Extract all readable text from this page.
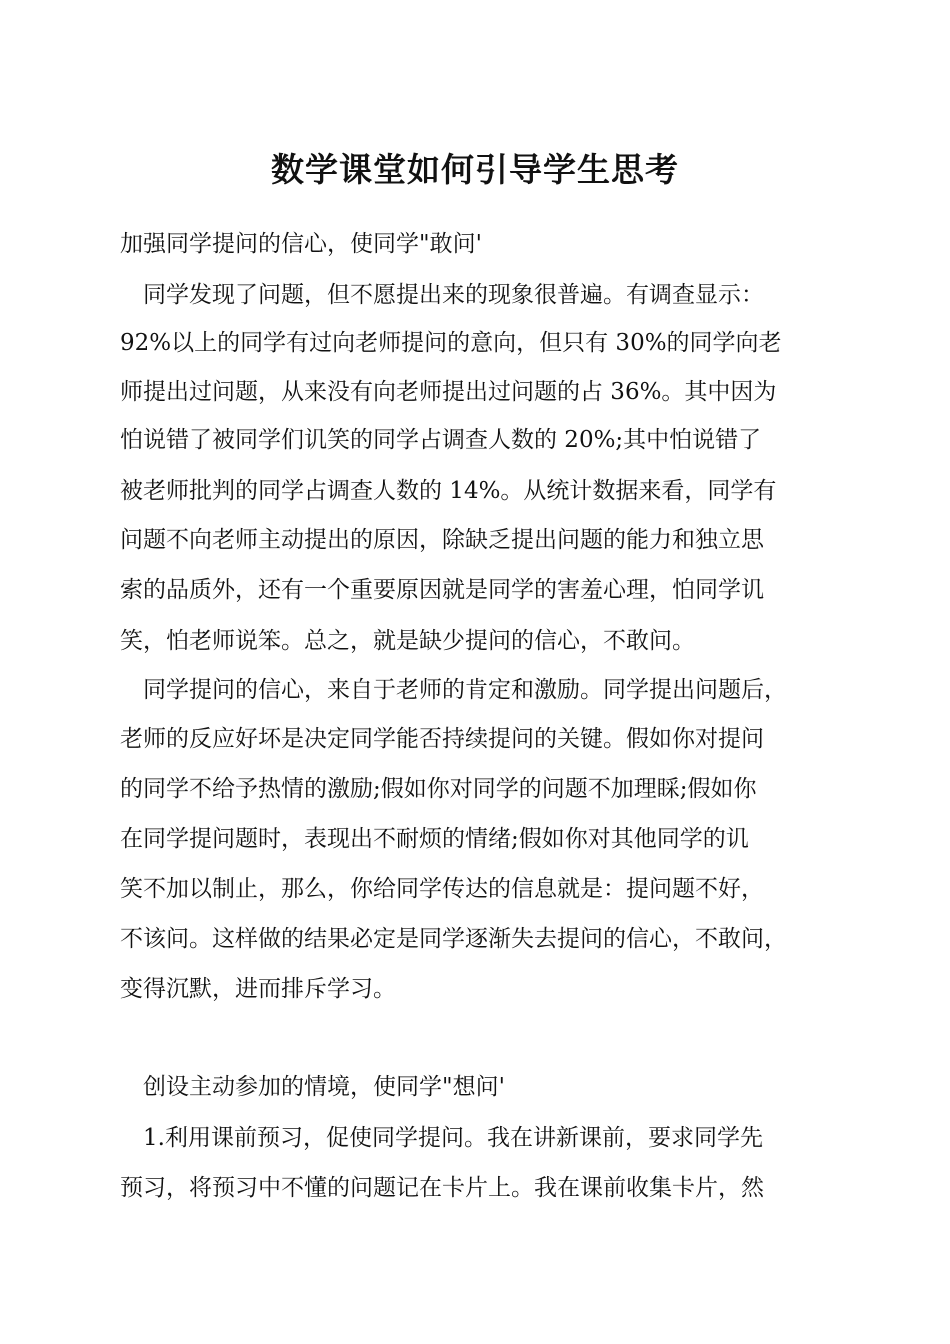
数学课堂如何引导学生思考

加强同学提问的信心，使同学"敢问'

　同学发现了问题，但不愿提出来的现象很普遍。有调查显示：

92%以上的同学有过向老师提问的意向，但只有 30%的同学向老

师提出过问题，从来没有向老师提出过问题的占 36%。其中因为

怕说错了被同学们讥笑的同学占调查人数的 20%;其中怕说错了

被老师批判的同学占调查人数的 14%。从统计数据来看，同学有

问题不向老师主动提出的原因，除缺乏提出问题的能力和独立思

索的品质外，还有一个重要原因就是同学的害羞心理，怕同学讥

笑，怕老师说笨。总之，就是缺少提问的信心，不敢问。

　同学提问的信心，来自于老师的肯定和激励。同学提出问题后，

老师的反应好坏是决定同学能否持续提问的关键。假如你对提问

的同学不给予热情的激励;假如你对同学的问题不加理睬;假如你

在同学提问题时，表现出不耐烦的情绪;假如你对其他同学的讥

笑不加以制止，那么，你给同学传达的信息就是：提问题不好，

不该问。这样做的结果必定是同学逐渐失去提问的信心，不敢问，

变得沉默，进而排斥学习。

　创设主动参加的情境，使同学"想问'

　1.利用课前预习，促使同学提问。我在讲新课前，要求同学先

预习，将预习中不懂的问题记在卡片上。我在课前收集卡片，然
